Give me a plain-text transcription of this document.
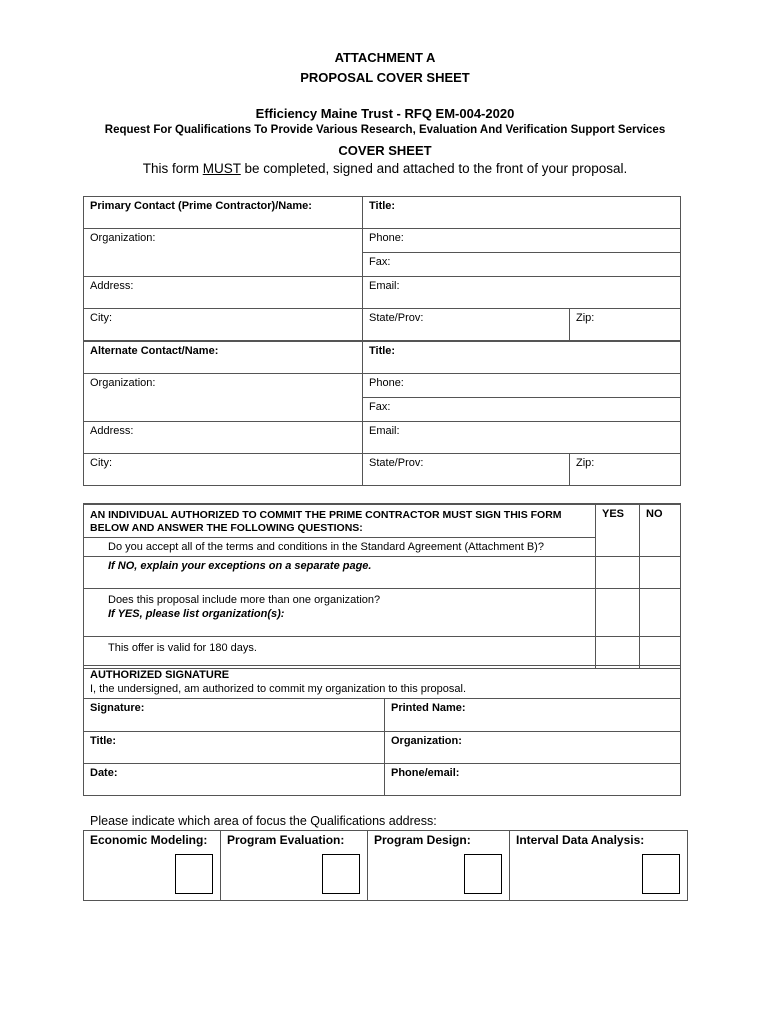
ATTACHMENT A
PROPOSAL COVER SHEET
Efficiency Maine Trust - RFQ EM-004-2020
Request For Qualifications To Provide Various Research, Evaluation And Verification Support Services
COVER SHEET
This form MUST be completed, signed and attached to the front of your proposal.
Primary Contact (Prime Contractor)/Name:	Title:	
Organization:	Phone:	
	Fax:	
Address:	Email:	
City:	State/Prov:	Zip:
Alternate Contact/Name:	Title:	
Organization:	Phone:	
	Fax:	
Address:	Email:	
City:	State/Prov:	Zip:
AN INDIVIDUAL AUTHORIZED TO COMMIT THE PRIME CONTRACTOR MUST SIGN THIS FORM BELOW AND ANSWER THE FOLLOWING QUESTIONS:	YES	NO
Do you accept all of the terms and conditions in the Standard Agreement (Attachment B)?		

If NO, explain your exceptions on a separate page.		

Does this proposal include more than one organization?
If YES, please list organization(s):		

This offer is valid for 180 days.		
AUTHORIZED SIGNATURE
I, the undersigned, am authorized to commit my organization to this proposal.	

Signature:	Printed Name:
Title:	Organization:
Date:	Phone/email:
Please indicate which area of focus the Qualifications address:
Economic Modeling:	Program Evaluation:	Program Design:	Interval Data Analysis:
